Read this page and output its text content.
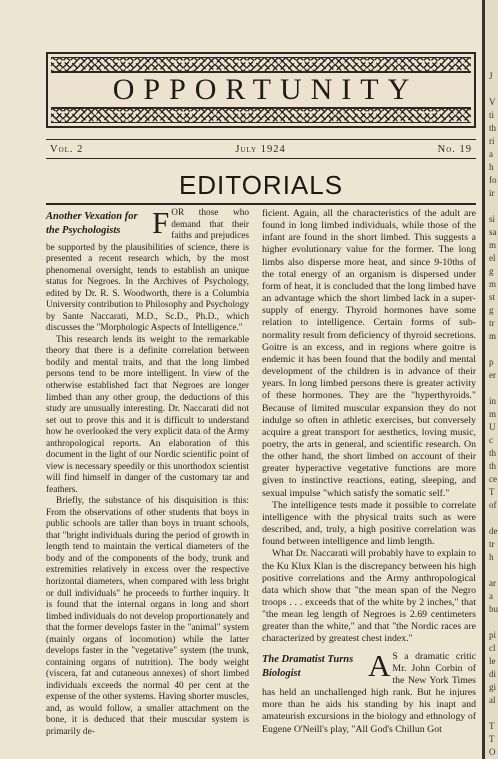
OPPORTUNITY
Vol. 2	July 1924	No. 19
EDITORIALS
Another Vexation for the Psychologists	FOR those who demand that their faiths and prejudices be supported by the plausibilities of science, there is presented a recent research which, by the most phenomenal oversight, tends to establish an unique status for Negroes. In the Archives of Psychology, edited by Dr. R. S. Woodworth, there is a Columbia University contribution to Philosophy and Psychology by Sante Naccarati, M.D., Sc.D., Ph.D., which discusses the "Morphologic Aspects of Intelligence."

This research lends its weight to the remarkable theory that there is a definite correlation between bodily and mental traits, and that the long limbed persons tend to be more intelligent. In view of the otherwise established fact that Negroes are longer limbed than any other group, the deductions of this study are unusually interesting. Dr. Naccarati did not set out to prove this and it is difficult to understand how he overlooked the very explicit data of the Army anthropological reports. An elaboration of this document in the light of our Nordic scientific point of view is necessary speedily or this unorthodox scientist will find himself in danger of the customary tar and feathers.

Briefly, the substance of his disquisition is this: From the observations of other students that boys in public schools are taller than boys in truant schools, that "bright individuals during the period of growth in length tend to maintain the vertical diameters of the body and of the components of the body, trunk and extremities relatively in excess over the respective horizontal diameters, when compared with less bright or dull individuals" he proceeds to further inquiry. It is found that the internal organs in long and short limbed individuals do not develop proportionately and that the former develops faster in the "animal" system (mainly organs of locomotion) while the latter develops faster in the "vegetative" system (the trunk, containing organs of nutrition). The body weight (viscera, fat and cutaneous annexes) of short limbed individuals exceeds the normal 40 per cent at the expense of the other systems. Having shorter muscles, and, as would follow, a smaller attachment on the bone, it is deduced that their muscular system is primarily de-

ficient. Again, all the characteristics of the adult are found in long limbed individuals, while those of the infant are found in the short limbed. This suggests a higher evolutionary value for the former. The long limbs also disperse more heat, and since 9-10ths of the total energy of an organism is dispersed under form of heat, it is concluded that the long limbed have an advantage which the short limbed lack in a super-supply of energy. Thyroid hormones have some relation to intelligence. Certain forms of sub-normality result from deficiency of thyroid secretions. Goitre is an excess, and in regions where goitre is endemic it has been found that the bodily and mental development of the children is in advance of their years. In long limbed persons there is greater activity of these hormones. They are the "hyperthyroids." Because of limited muscular expansion they do not indulge so often in athletic exercises, but conversely acquire a great transport for aesthetics, loving music, poetry, the arts in general, and scientific research. On the other hand, the short limbed on account of their greater hyperactive vegetative functions are more given to instinctive reactions, eating, sleeping, and sexual impulse "which satisfy the somatic self."

The intelligence tests made it possible to correlate intelligence with the physical traits such as were described, and, truly, a high positive correlation was found between intelligence and limb length.

What Dr. Naccarati will probably have to explain to the Ku Klux Klan is the discrepancy between his high positive correlations and the Army anthropological data which show that "the mean span of the Negro troops . . . exceeds that of the white by 2 inches," that "the mean leg length of Negroes is 2.69 centimeters greater than the white," and that "the Nordic races are characterized by greatest chest index."

The Dramatist Turns Biologist	A S a dramatic critic Mr. John Corbin of the New York Times has held an unchallenged high rank. But he injures more than he aids his standing by his inapt and amateurish excursions in the biology and ethnology of Eugene O'Neill's play, "All God's Chillun Got

J
V
ti
th
ri
a
h
fo
ir
si
sa
m
el
g
m
st
g
tr
m
p
er
in
m
U
c
th
th
ce
T
of
de
tr
h
ar
a
bu
pi
cl
le
di
gi
al
T
T
O
